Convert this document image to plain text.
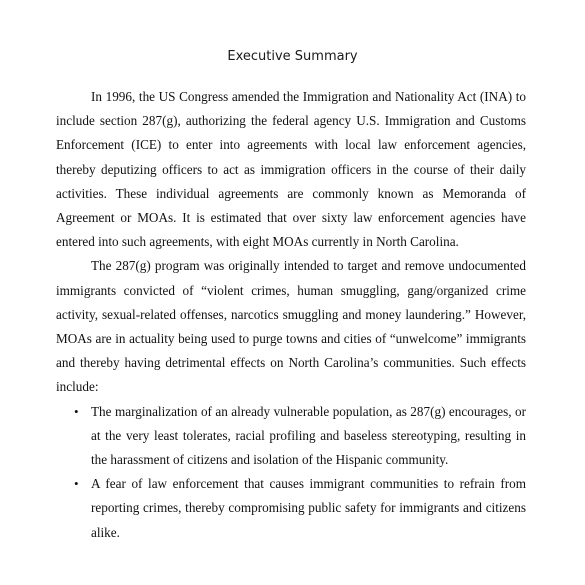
Executive Summary

In 1996, the US Congress amended the Immigration and Nationality Act (INA) to include section 287(g), authorizing the federal agency U.S. Immigration and Customs Enforcement (ICE) to enter into agreements with local law enforcement agencies, thereby deputizing officers to act as immigration officers in the course of their daily activities. These individual agreements are commonly known as Memoranda of Agreement or MOAs. It is estimated that over sixty law enforcement agencies have entered into such agreements, with eight MOAs currently in North Carolina.

The 287(g) program was originally intended to target and remove undocumented immigrants convicted of “violent crimes, human smuggling, gang/organized crime activity, sexual-related offenses, narcotics smuggling and money laundering.” However, MOAs are in actuality being used to purge towns and cities of “unwelcome” immigrants and thereby having detrimental effects on North Carolina’s communities. Such effects include:

• The marginalization of an already vulnerable population, as 287(g) encourages, or at the very least tolerates, racial profiling and baseless stereotyping, resulting in the harassment of citizens and isolation of the Hispanic community.
• A fear of law enforcement that causes immigrant communities to refrain from reporting crimes, thereby compromising public safety for immigrants and citizens alike.
